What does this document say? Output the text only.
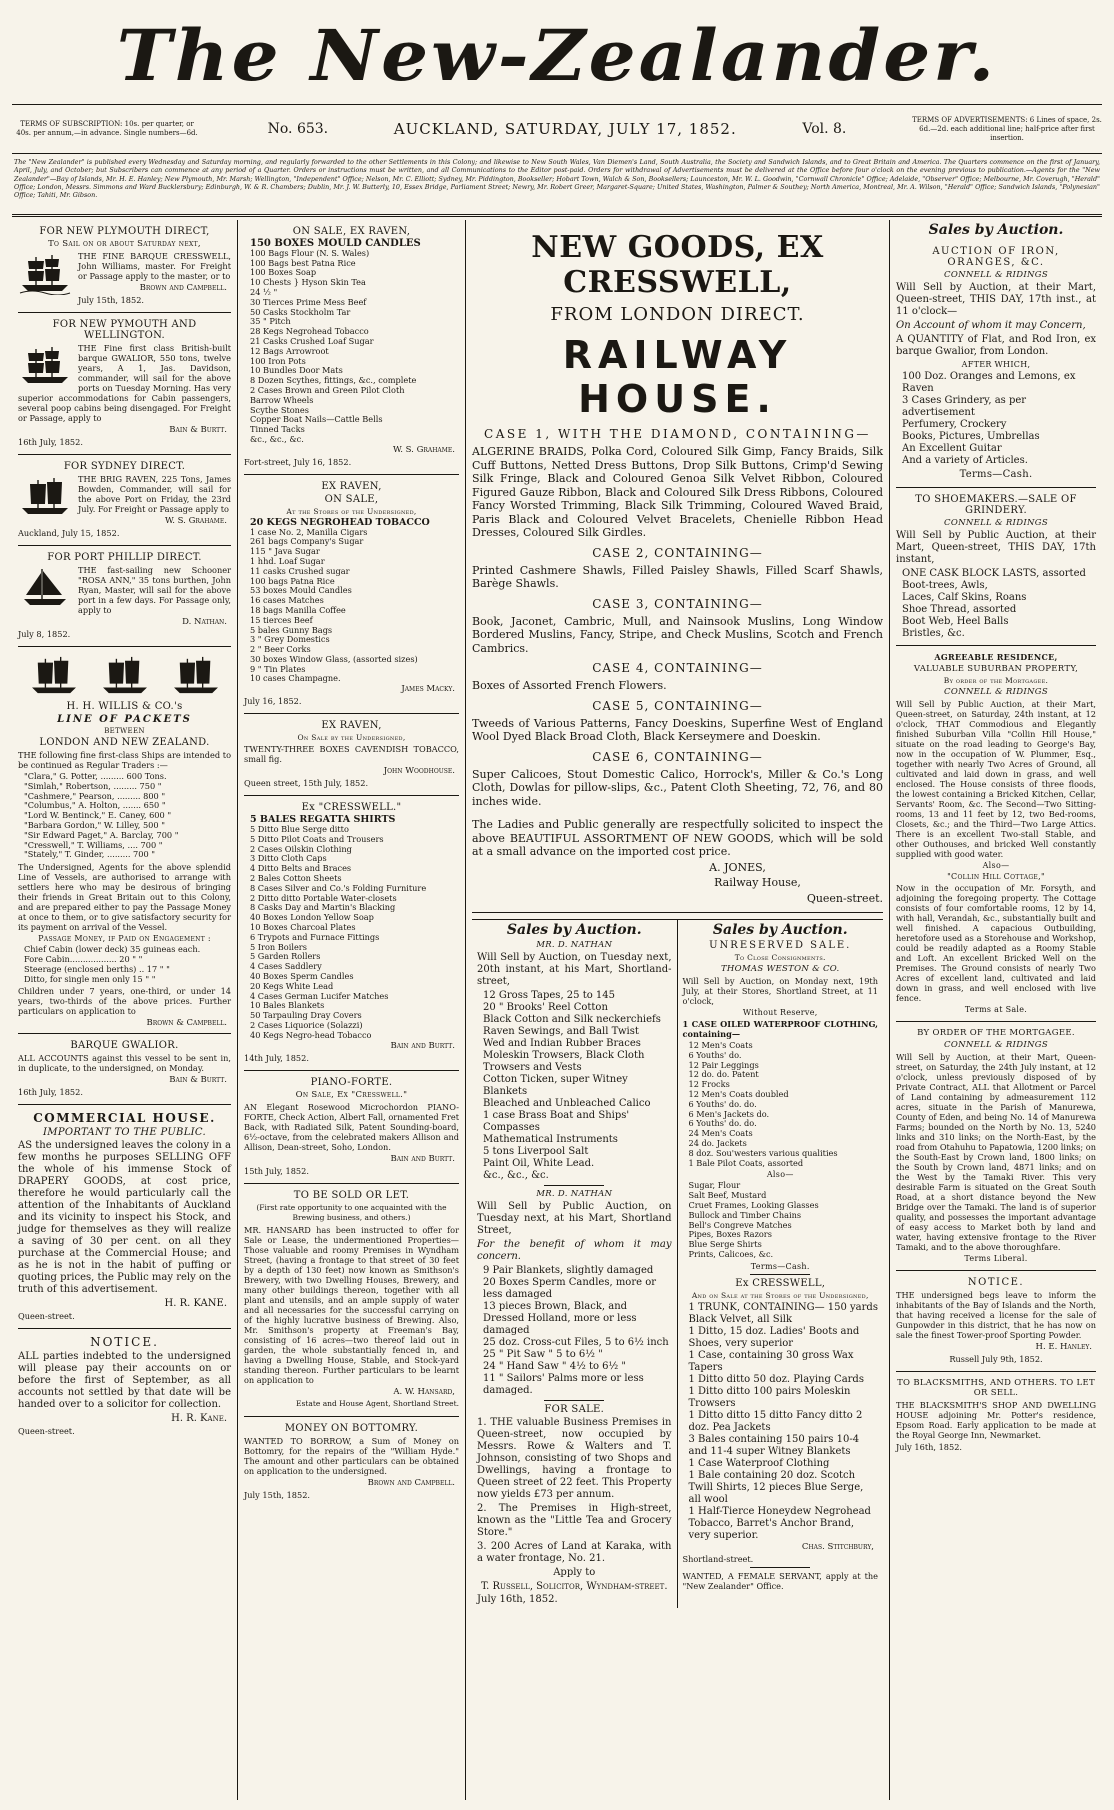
The New-Zealander.
TERMS OF SUBSCRIPTION: 10s. per quarter, or 40s. per annum,—in advance. Single numbers—6d.	No. 653.	AUCKLAND, SATURDAY, JULY 17, 1852.	Vol. 8.
TERMS OF ADVERTISEMENTS: 6 Lines of space, 2s. 6d.—2d. each additional line; half-price after first insertion.
The "New Zealander" is published every Wednesday and Saturday morning, and regularly forwarded to the other Settlements in this Colony; and likewise to New South Wales, Van Diemen's Land, South Australia, the Society and Sandwich Islands, and to Great Britain and America. The Quarters commence on the first of January, April, July, and October; but Subscribers can commence at any period of a Quarter. Orders or instructions must be written, and all Communications to the Editor post-paid. Orders for withdrawal of Advertisements must be delivered at the Office before four o'clock on the evening previous to publication.—Agents for the "New Zealander"—Bay of Islands, Mr. H. E. Hanley; New Plymouth, Mr. Marsh; Wellington, "Independent" Office; Nelson, Mr. C. Elliott; Sydney, Mr. Piddington, Bookseller; Hobart Town, Walch & Son, Booksellers; Launceston, Mr. W. L. Goodwin, "Cornwall Chronicle" Office; Adelaide, "Observer" Office; Melbourne, Mr. Coverugh, "Herald" Office; London, Messrs. Simmons and Ward Bucklersbury; Edinburgh, W. & R. Chambers; Dublin, Mr. J. W. Butterly, 10, Essex Bridge, Parliament Street; Newry, Mr. Robert Greer, Margaret-Square; United States, Washington, Palmer & Southey; North America, Montreal, Mr. A. Wilson, "Herald" Office; Sandwich Islands, "Polynesian" Office; Tahiti, Mr. Gibson.
FOR NEW PLYMOUTH DIRECT,
To Sail on or about Saturday next,
THE FINE BARQUE CRESSWELL, John Williams, master. For Freight or Passage apply to the master, or to
Brown and Campbell.
July 15th, 1852.
FOR NEW PYMOUTH AND WELLINGTON.
THE Fine first class British-built barque GWALIOR, 550 tons, twelve years, A 1, Jas. Davidson, commander, will sail for the above ports on Tuesday Morning. Has very superior accommodations for Cabin passengers, several poop cabins being disengaged. For Freight or Passage, apply to
Bain & Burtt.
16th July, 1852.
FOR SYDNEY DIRECT.
THE BRIG RAVEN, 225 Tons, James Bowden, Commander, will sail for the above Port on Friday, the 23rd July. For Freight or Passage apply to
W. S. Grahame.
Auckland, July 15, 1852.
FOR PORT PHILLIP DIRECT.
THE fast-sailing new Schooner "ROSA ANN," 35 tons burthen, John Ryan, Master, will sail for the above port in a few days. For Passage only, apply to
D. Nathan.
July 8, 1852.
H. H. WILLIS & CO.'s
LINE OF PACKETS
BETWEEN
LONDON AND NEW ZEALAND.
THE following fine first-class Ships are intended to be continued as Regular Traders :—
"Clara," G. Potter, ......... 600 Tons.
"Simlah," Robertson, ......... 750 "
"Cashmere," Pearson, ......... 800 "
"Columbus," A. Holton, ....... 650 "
"Lord W. Bentinck," E. Caney, 600 "
"Barbara Gordon," W. Lilley, 500 "
"Sir Edward Paget," A. Barclay, 700 "
"Cresswell," T. Williams, .... 700 "
"Stately," T. Ginder, ......... 700 "
The Undersigned, Agents for the above splendid Line of Vessels, are authorised to arrange with settlers here who may be desirous of bringing their friends in Great Britain out to this Colony, and are prepared either to pay the Passage Money at once to them, or to give satisfactory security for its payment on arrival of the Vessel.
Passage Money, if Paid on Engagement :
Chief Cabin (lower deck) 35 guineas each.
Fore Cabin.................. 20 " "
Steerage (enclosed berths) .. 17 " "
Ditto, for single men only 15 " "
Children under 7 years, one-third, or under 14 years, two-thirds of the above prices. Further particulars on application to
Brown & Campbell.
BARQUE GWALIOR.
ALL ACCOUNTS against this vessel to be sent in, in duplicate, to the undersigned, on Monday.
Bain & Burtt.
16th July, 1852.
COMMERCIAL HOUSE.
IMPORTANT TO THE PUBLIC.
AS the undersigned leaves the colony in a few months he purposes SELLING OFF the whole of his immense Stock of DRAPERY GOODS, at cost price, therefore he would particularly call the attention of the Inhabitants of Auckland and its vicinity to inspect his Stock, and judge for themselves as they will realize a saving of 30 per cent. on all they purchase at the Commercial House; and as he is not in the habit of puffing or quoting prices, the Public may rely on the truth of this advertisement.
H. R. KANE.
Queen-street.
NOTICE.
ALL parties indebted to the undersigned will please pay their accounts on or before the first of September, as all accounts not settled by that date will be handed over to a solicitor for collection.
H. R. Kane.
Queen-street.
ON SALE, EX RAVEN,
150 BOXES MOULD CANDLES
100 Bags Flour (N. S. Wales)
100 Bags best Patna Rice
100 Boxes Soap
10 Chests } Hyson Skin Tea
24 ½ "
30 Tierces Prime Mess Beef
50 Casks Stockholm Tar
35 " Pitch
28 Kegs Negrohead Tobacco
21 Casks Crushed Loaf Sugar
12 Bags Arrowroot
100 Iron Pots
10 Bundles Door Mats
8 Dozen Scythes, fittings, &c., complete
2 Cases Brown and Green Pilot Cloth
Barrow Wheels
Scythe Stones
Copper Boat Nails—Cattle Bells
Tinned Tacks
&c., &c., &c.
W. S. Grahame.
Fort-street, July 16, 1852.
EX RAVEN,
ON SALE,
At the Stores of the Undersigned,
20 KEGS NEGROHEAD TOBACCO
1 case No. 2, Manilla Cigars
261 bags Company's Sugar
115 " Java Sugar
1 hhd. Loaf Sugar
11 casks Crushed sugar
100 bags Patna Rice
53 boxes Mould Candles
16 cases Matches
18 bags Manilla Coffee
15 tierces Beef
5 bales Gunny Bags
3 " Grey Domestics
2 " Beer Corks
30 boxes Window Glass, (assorted sizes)
9 " Tin Plates
10 cases Champagne.
James Macky.
July 16, 1852.
EX RAVEN,
On Sale by the Undersigned,
TWENTY-THREE BOXES CAVENDISH TOBACCO, small fig.
John Woodhouse.
Queen street, 15th July, 1852.
Ex "CRESSWELL."
5 BALES REGATTA SHIRTS
5 Ditto Blue Serge ditto
5 Ditto Pilot Coats and Trousers
2 Cases Oilskin Clothing
3 Ditto Cloth Caps
4 Ditto Belts and Braces
2 Bales Cotton Sheets
8 Cases Silver and Co.'s Folding Furniture
2 Ditto ditto Portable Water-closets
8 Casks Day and Martin's Blacking
40 Boxes London Yellow Soap
10 Boxes Charcoal Plates
6 Trypots and Furnace Fittings
5 Iron Boilers
5 Garden Rollers
4 Cases Saddlery
40 Boxes Sperm Candles
20 Kegs White Lead
4 Cases German Lucifer Matches
10 Bales Blankets
50 Tarpauling Dray Covers
2 Cases Liquorice (Solazzi)
40 Kegs Negro-head Tobacco
Bain and Burtt.
14th July, 1852.
PIANO-FORTE.
On Sale, Ex "Cresswell."
AN Elegant Rosewood Microchordon PIANO-FORTE, Check Action, Albert Fall, ornamented Fret Back, with Radiated Silk, Patent Sounding-board, 6½-octave, from the celebrated makers Allison and Allison, Dean-street, Soho, London.
Bain and Burtt.
15th July, 1852.
TO BE SOLD OR LET.
(First rate opportunity to one acquainted with the Brewing business, and others.)
MR. HANSARD has been instructed to offer for Sale or Lease, the undermentioned Properties— Those valuable and roomy Premises in Wyndham Street, (having a frontage to that street of 30 feet by a depth of 130 feet) now known as Smithson's Brewery, with two Dwelling Houses, Brewery, and many other buildings thereon, together with all plant and utensils, and an ample supply of water and all necessaries for the successful carrying on of the highly lucrative business of Brewing. Also, Mr. Smithson's property at Freeman's Bay, consisting of 16 acres—two thereof laid out in garden, the whole substantially fenced in, and having a Dwelling House, Stable, and Stock-yard standing thereon. Further particulars to be learnt on application to
A. W. Hansard,
Estate and House Agent, Shortland Street.
MONEY ON BOTTOMRY.
WANTED TO BORROW, a Sum of Money on Bottomry, for the repairs of the "William Hyde." The amount and other particulars can be obtained on application to the undersigned.
Brown and Campbell.
July 15th, 1852.
NEW GOODS, EX CRESSWELL,
FROM LONDON DIRECT.
RAILWAY HOUSE.
CASE 1, WITH THE DIAMOND, CONTAINING—
ALGERINE BRAIDS, Polka Cord, Coloured Silk Gimp, Fancy Braids, Silk Cuff Buttons, Netted Dress Buttons, Drop Silk Buttons, Crimp'd Sewing Silk Fringe, Black and Coloured Genoa Silk Velvet Ribbon, Coloured Figured Gauze Ribbon, Black and Coloured Silk Dress Ribbons, Coloured Fancy Worsted Trimming, Black Silk Trimming, Coloured Waved Braid, Paris Black and Coloured Velvet Bracelets, Chenielle Ribbon Head Dresses, Coloured Silk Girdles.
CASE 2, CONTAINING—
Printed Cashmere Shawls, Filled Paisley Shawls, Filled Scarf Shawls, Barège Shawls.
CASE 3, CONTAINING—
Book, Jaconet, Cambric, Mull, and Nainsook Muslins, Long Window Bordered Muslins, Fancy, Stripe, and Check Muslins, Scotch and French Cambrics.
CASE 4, CONTAINING—
Boxes of Assorted French Flowers.
CASE 5, CONTAINING—
Tweeds of Various Patterns, Fancy Doeskins, Superfine West of England Wool Dyed Black Broad Cloth, Black Kerseymere and Doeskin.
CASE 6, CONTAINING—
Super Calicoes, Stout Domestic Calico, Horrock's, Miller & Co.'s Long Cloth, Dowlas for pillow-slips, &c., Patent Cloth Sheeting, 72, 76, and 80 inches wide.
The Ladies and Public generally are respectfully solicited to inspect the above BEAUTIFUL ASSORTMENT OF NEW GOODS, which will be sold at a small advance on the imported cost price.
A. JONES,
Railway House,
Queen-street.
Sales by Auction.
MR. D. NATHAN
Will Sell by Auction, on Tuesday next, 20th instant, at his Mart, Shortland-street,
12 Gross Tapes, 25 to 145
20 " Brooks' Reel Cotton
Black Cotton and Silk neckerchiefs
Raven Sewings, and Ball Twist
Wed and Indian Rubber Braces
Moleskin Trowsers, Black Cloth Trowsers and Vests
Cotton Ticken, super Witney Blankets
Bleached and Unbleached Calico
1 case Brass Boat and Ships' Compasses
Mathematical Instruments
5 tons Liverpool Salt
Paint Oil, White Lead.
&c., &c., &c.
MR. D. NATHAN
Will Sell by Public Auction, on Tuesday next, at his Mart, Shortland Street,
For the benefit of whom it may concern.
9 Pair Blankets, slightly damaged
20 Boxes Sperm Candles, more or less damaged
13 pieces Brown, Black, and Dressed Holland, more or less damaged
25 doz. Cross-cut Files, 5 to 6½ inch
25 " Pit Saw " 5 to 6½ "
24 " Hand Saw " 4½ to 6½ "
11 " Sailors' Palms more or less damaged.
FOR SALE.
1. THE valuable Business Premises in Queen-street, now occupied by Messrs. Rowe & Walters and T. Johnson, consisting of two Shops and Dwellings, having a frontage to Queen street of 22 feet. This Property now yields £73 per annum.
2. The Premises in High-street, known as the "Little Tea and Grocery Store."
3. 200 Acres of Land at Karaka, with a water frontage, No. 21.
Apply to
T. Russell, Solicitor, Wyndham-street.
July 16th, 1852.
Sales by Auction.
UNRESERVED SALE.
To Close Consignments.
THOMAS WESTON & CO.
Will Sell by Auction, on Monday next, 19th July, at their Stores, Shortland Street, at 11 o'clock,
Without Reserve,
1 CASE OILED WATERPROOF CLOTHING, containing—
12 Men's Coats
6 Youths' do.
12 Pair Leggings
12 do. do. Patent
12 Frocks
12 Men's Coats doubled
6 Youths' do. do.
6 Men's Jackets do.
6 Youths' do. do.
24 Men's Coats
24 do. Jackets
8 doz. Sou'westers various qualities
1 Bale Pilot Coats, assorted
Also—
Sugar, Flour
Salt Beef, Mustard
Cruet Frames, Looking Glasses
Bullock and Timber Chains
Bell's Congreve Matches
Pipes, Boxes Razors
Blue Serge Shirts
Prints, Calicoes, &c.
Terms—Cash.
Ex CRESSWELL,
And on Sale at the Stores of the Undersigned,
1 TRUNK, CONTAINING— 150 yards Black Velvet, all Silk
1 Ditto, 15 doz. Ladies' Boots and Shoes, very superior
1 Case, containing 30 gross Wax Tapers
1 Ditto ditto 50 doz. Playing Cards
1 Ditto ditto 100 pairs Moleskin Trowsers
1 Ditto ditto 15 ditto Fancy ditto 2 doz. Pea Jackets
3 Bales containing 150 pairs 10-4 and 11-4 super Witney Blankets
1 Case Waterproof Clothing
1 Bale containing 20 doz. Scotch Twill Shirts, 12 pieces Blue Serge, all wool
1 Half-Tierce Honeydew Negrohead Tobacco, Barret's Anchor Brand, very superior.
Chas. Stitchbury,
Shortland-street.
WANTED, A FEMALE SERVANT, apply at the "New Zealander" Office.
Sales by Auction.
AUCTION OF IRON, ORANGES, &C.
CONNELL & RIDINGS
Will Sell by Auction, at their Mart, Queen-street, THIS DAY, 17th inst., at 11 o'clock—
On Account of whom it may Concern,
A QUANTITY of Flat, and Rod Iron, ex barque Gwalior, from London.
AFTER WHICH,
100 Doz. Oranges and Lemons, ex Raven
3 Cases Grindery, as per advertisement
Perfumery, Crockery
Books, Pictures, Umbrellas
An Excellent Guitar
And a variety of Articles.
Terms—Cash.
TO SHOEMAKERS.—SALE OF GRINDERY.
CONNELL & RIDINGS
Will Sell by Public Auction, at their Mart, Queen-street, THIS DAY, 17th instant,
ONE CASK BLOCK LASTS, assorted
Boot-trees, Awls,
Laces, Calf Skins, Roans
Shoe Thread, assorted
Boot Web, Heel Balls
Bristles, &c.
AGREEABLE RESIDENCE,
VALUABLE SUBURBAN PROPERTY,
By order of the Mortgagee.
CONNELL & RIDINGS
Will Sell by Public Auction, at their Mart, Queen-street, on Saturday, 24th instant, at 12 o'clock, THAT Commodious and Elegantly finished Suburban Villa "Collin Hill House," situate on the road leading to George's Bay, now in the occupation of W. Plummer, Esq., together with nearly Two Acres of Ground, all cultivated and laid down in grass, and well enclosed. The House consists of three floods, the lowest containing a Bricked Kitchen, Cellar, Servants' Room, &c. The Second—Two Sitting-rooms, 13 and 11 feet by 12, two Bed-rooms, Closets, &c.; and the Third—Two Large Attics. There is an excellent Two-stall Stable, and other Outhouses, and bricked Well constantly supplied with good water.
Also—
"Collin Hill Cottage,"
Now in the occupation of Mr. Forsyth, and adjoining the foregoing property. The Cottage consists of four comfortable rooms, 12 by 14, with hall, Verandah, &c., substantially built and well finished. A capacious Outbuilding, heretofore used as a Storehouse and Workshop, could be readily adapted as a Roomy Stable and Loft. An excellent Bricked Well on the Premises. The Ground consists of nearly Two Acres of excellent land, cultivated and laid down in grass, and well enclosed with live fence.
Terms at Sale.
BY ORDER OF THE MORTGAGEE.
CONNELL & RIDINGS
Will Sell by Auction, at their Mart, Queen-street, on Saturday, the 24th July instant, at 12 o'clock, unless previously disposed of by Private Contract, ALL that Allotment or Parcel of Land containing by admeasurement 112 acres, situate in the Parish of Manurewa, County of Eden, and being No. 14 of Manurewa Farms; bounded on the North by No. 13, 5240 links and 310 links; on the North-East, by the road from Otahuhu to Papatowia, 1200 links; on the South-East by Crown land, 1800 links; on the South by Crown land, 4871 links; and on the West by the Tamaki River. This very desirable Farm is situated on the Great South Road, at a short distance beyond the New Bridge over the Tamaki. The land is of superior quality, and possesses the important advantage of easy access to Market both by land and water, having extensive frontage to the River Tamaki, and to the above thoroughfare.
Terms Liberal.
NOTICE.
THE undersigned begs leave to inform the inhabitants of the Bay of Islands and the North, that having received a license for the sale of Gunpowder in this district, that he has now on sale the finest Tower-proof Sporting Powder.
H. E. Hanley.
Russell July 9th, 1852.
TO BLACKSMITHS, AND OTHERS. TO LET OR SELL.
THE BLACKSMITH'S SHOP AND DWELLING HOUSE adjoining Mr. Potter's residence, Epsom Road. Early application to be made at the Royal George Inn, Newmarket.
July 16th, 1852.
